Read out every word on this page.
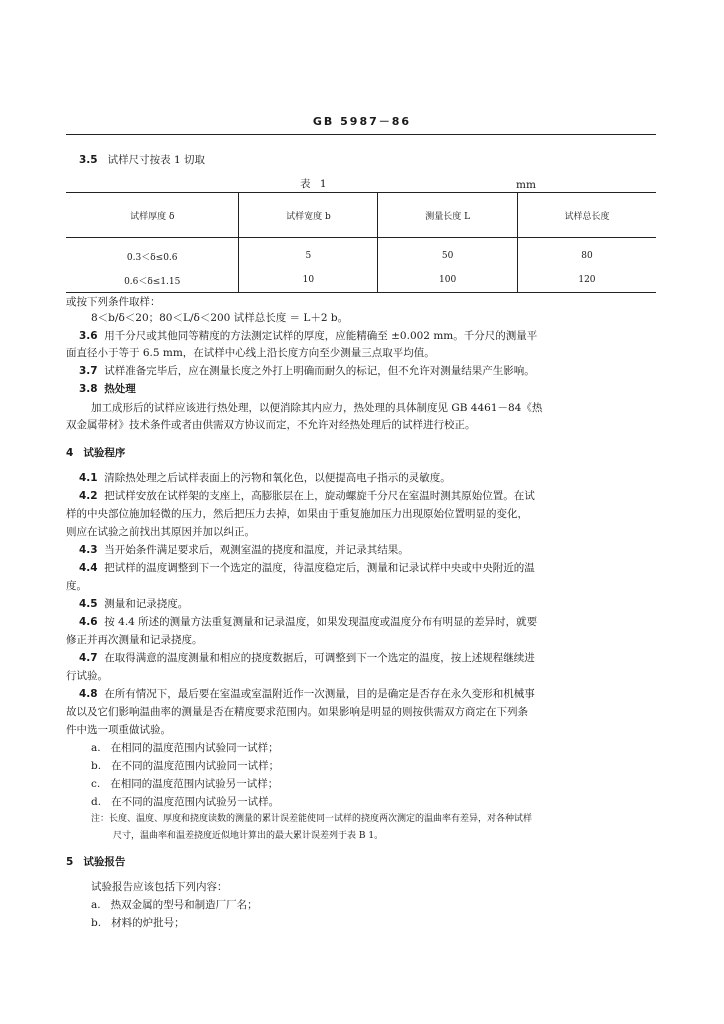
GB 5987－86
3.5 试样尺寸按表 1 切取
表 1	mm
试样厚度 δ	试样宽度 b	测量长度 L	试样总长度
0.3＜δ≤0.6	5	50	80
0.6＜δ≤1.15	10	100	120
或按下列条件取样：
8＜b/δ＜20；80＜L/δ＜200 试样总长度 ＝ L＋2 b。
3.6 用千分尺或其他同等精度的方法测定试样的厚度，应能精确至 ±0.002 mm。千分尺的测量平
面直径小于等于 6.5 mm，在试样中心线上沿长度方向至少测量三点取平均值。
3.7 试样准备完毕后，应在测量长度之外打上明确而耐久的标记，但不允许对测量结果产生影响。
3.8 热处理
加工成形后的试样应该进行热处理，以便消除其内应力，热处理的具体制度见 GB 4461－84《热
双金属带材》技术条件或者由供需双方协议而定，不允许对经热处理后的试样进行校正。
4 试验程序
4.1 清除热处理之后试样表面上的污物和氧化色，以便提高电子指示的灵敏度。
4.2 把试样安放在试样架的支座上，高膨胀层在上，旋动螺旋千分尺在室温时测其原始位置。在试
样的中央部位施加轻微的压力，然后把压力去掉，如果由于重复施加压力出现原始位置明显的变化，
则应在试验之前找出其原因并加以纠正。
4.3 当开始条件满足要求后，观测室温的挠度和温度，并记录其结果。
4.4 把试样的温度调整到下一个选定的温度，待温度稳定后，测量和记录试样中央或中央附近的温
度。
4.5 测量和记录挠度。
4.6 按 4.4 所述的测量方法重复测量和记录温度，如果发现温度或温度分布有明显的差异时，就要
修正并再次测量和记录挠度。
4.7 在取得满意的温度测量和相应的挠度数据后，可调整到下一个选定的温度，按上述规程继续进
行试验。
4.8 在所有情况下，最后要在室温或室温附近作一次测量，目的是确定是否存在永久变形和机械事
故以及它们影响温曲率的测量是否在精度要求范围内。如果影响是明显的则按供需双方商定在下列条
件中选一项重做试验。
a. 在相同的温度范围内试验同一试样；
b. 在不同的温度范围内试验同一试样；
c. 在相同的温度范围内试验另一试样；
d. 在不同的温度范围内试验另一试样。
注：长度、温度、厚度和挠度读数的测量的累计误差能使同一试样的挠度两次测定的温曲率有差异，对各种试样
尺寸，温曲率和温差挠度近似地计算出的最大累计误差列于表 B 1。
5 试验报告
试验报告应该包括下列内容：
a. 热双金属的型号和制造厂厂名；
b. 材料的炉批号；
